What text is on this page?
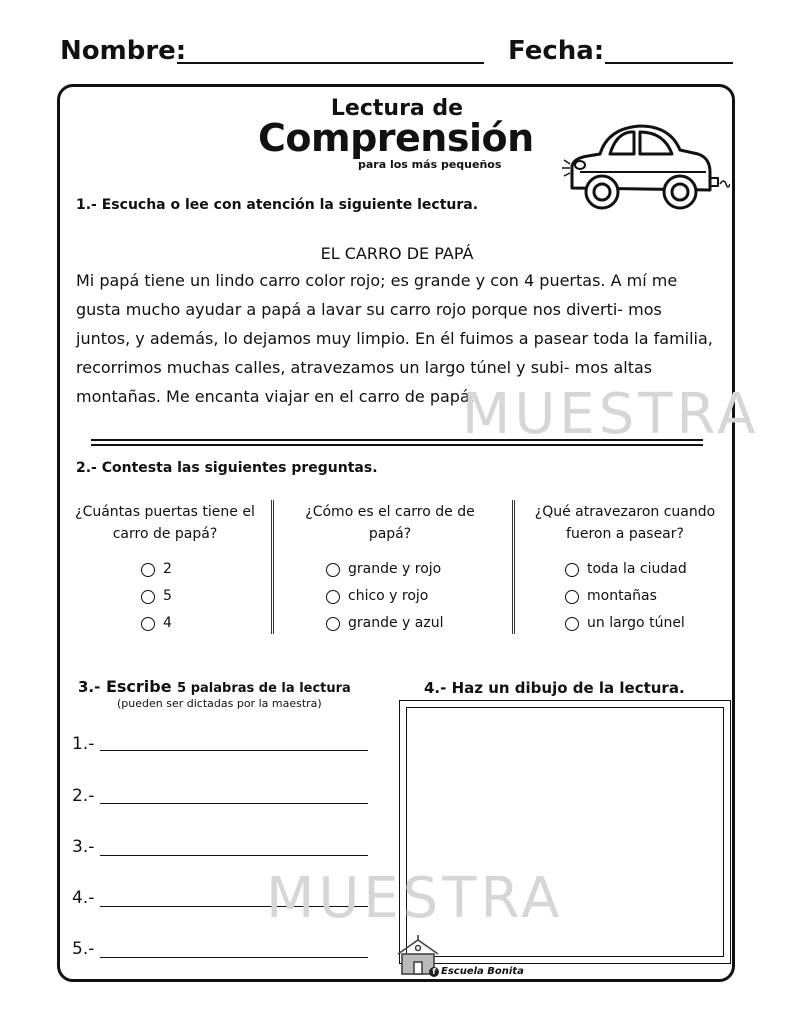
Nombre:	Fecha:
Lectura de
Comprensión
para los más pequeños
1.- Escucha o lee con atención la siguiente lectura.
EL CARRO DE PAPÁ
Mi papá tiene un lindo carro color rojo; es grande y con 4 puertas. A mí me gusta mucho ayudar a papá a lavar su carro rojo porque nos diverti- mos juntos, y además, lo dejamos muy limpio. En él fuimos a pasear toda la familia, recorrimos muchas calles, atravezamos un largo túnel y subi- mos altas montañas. Me encanta viajar en el carro de papá.
MUESTRA
2.- Contesta las siguientes preguntas.
¿Cuántas puertas tiene el carro de papá?
¿Cómo es el carro de de papá?
¿Qué atravezaron cuando fueron a pasear?
2
5
4
grande y rojo
chico y rojo
grande y azul
toda la ciudad
montañas
un largo túnel
3.- Escribe 5 palabras de la lectura
(pueden ser dictadas por la maestra)
1.-
2.-
3.-
4.-
5.-
4.- Haz un dibujo de la lectura.
MUESTRA
f Escuela Bonita
